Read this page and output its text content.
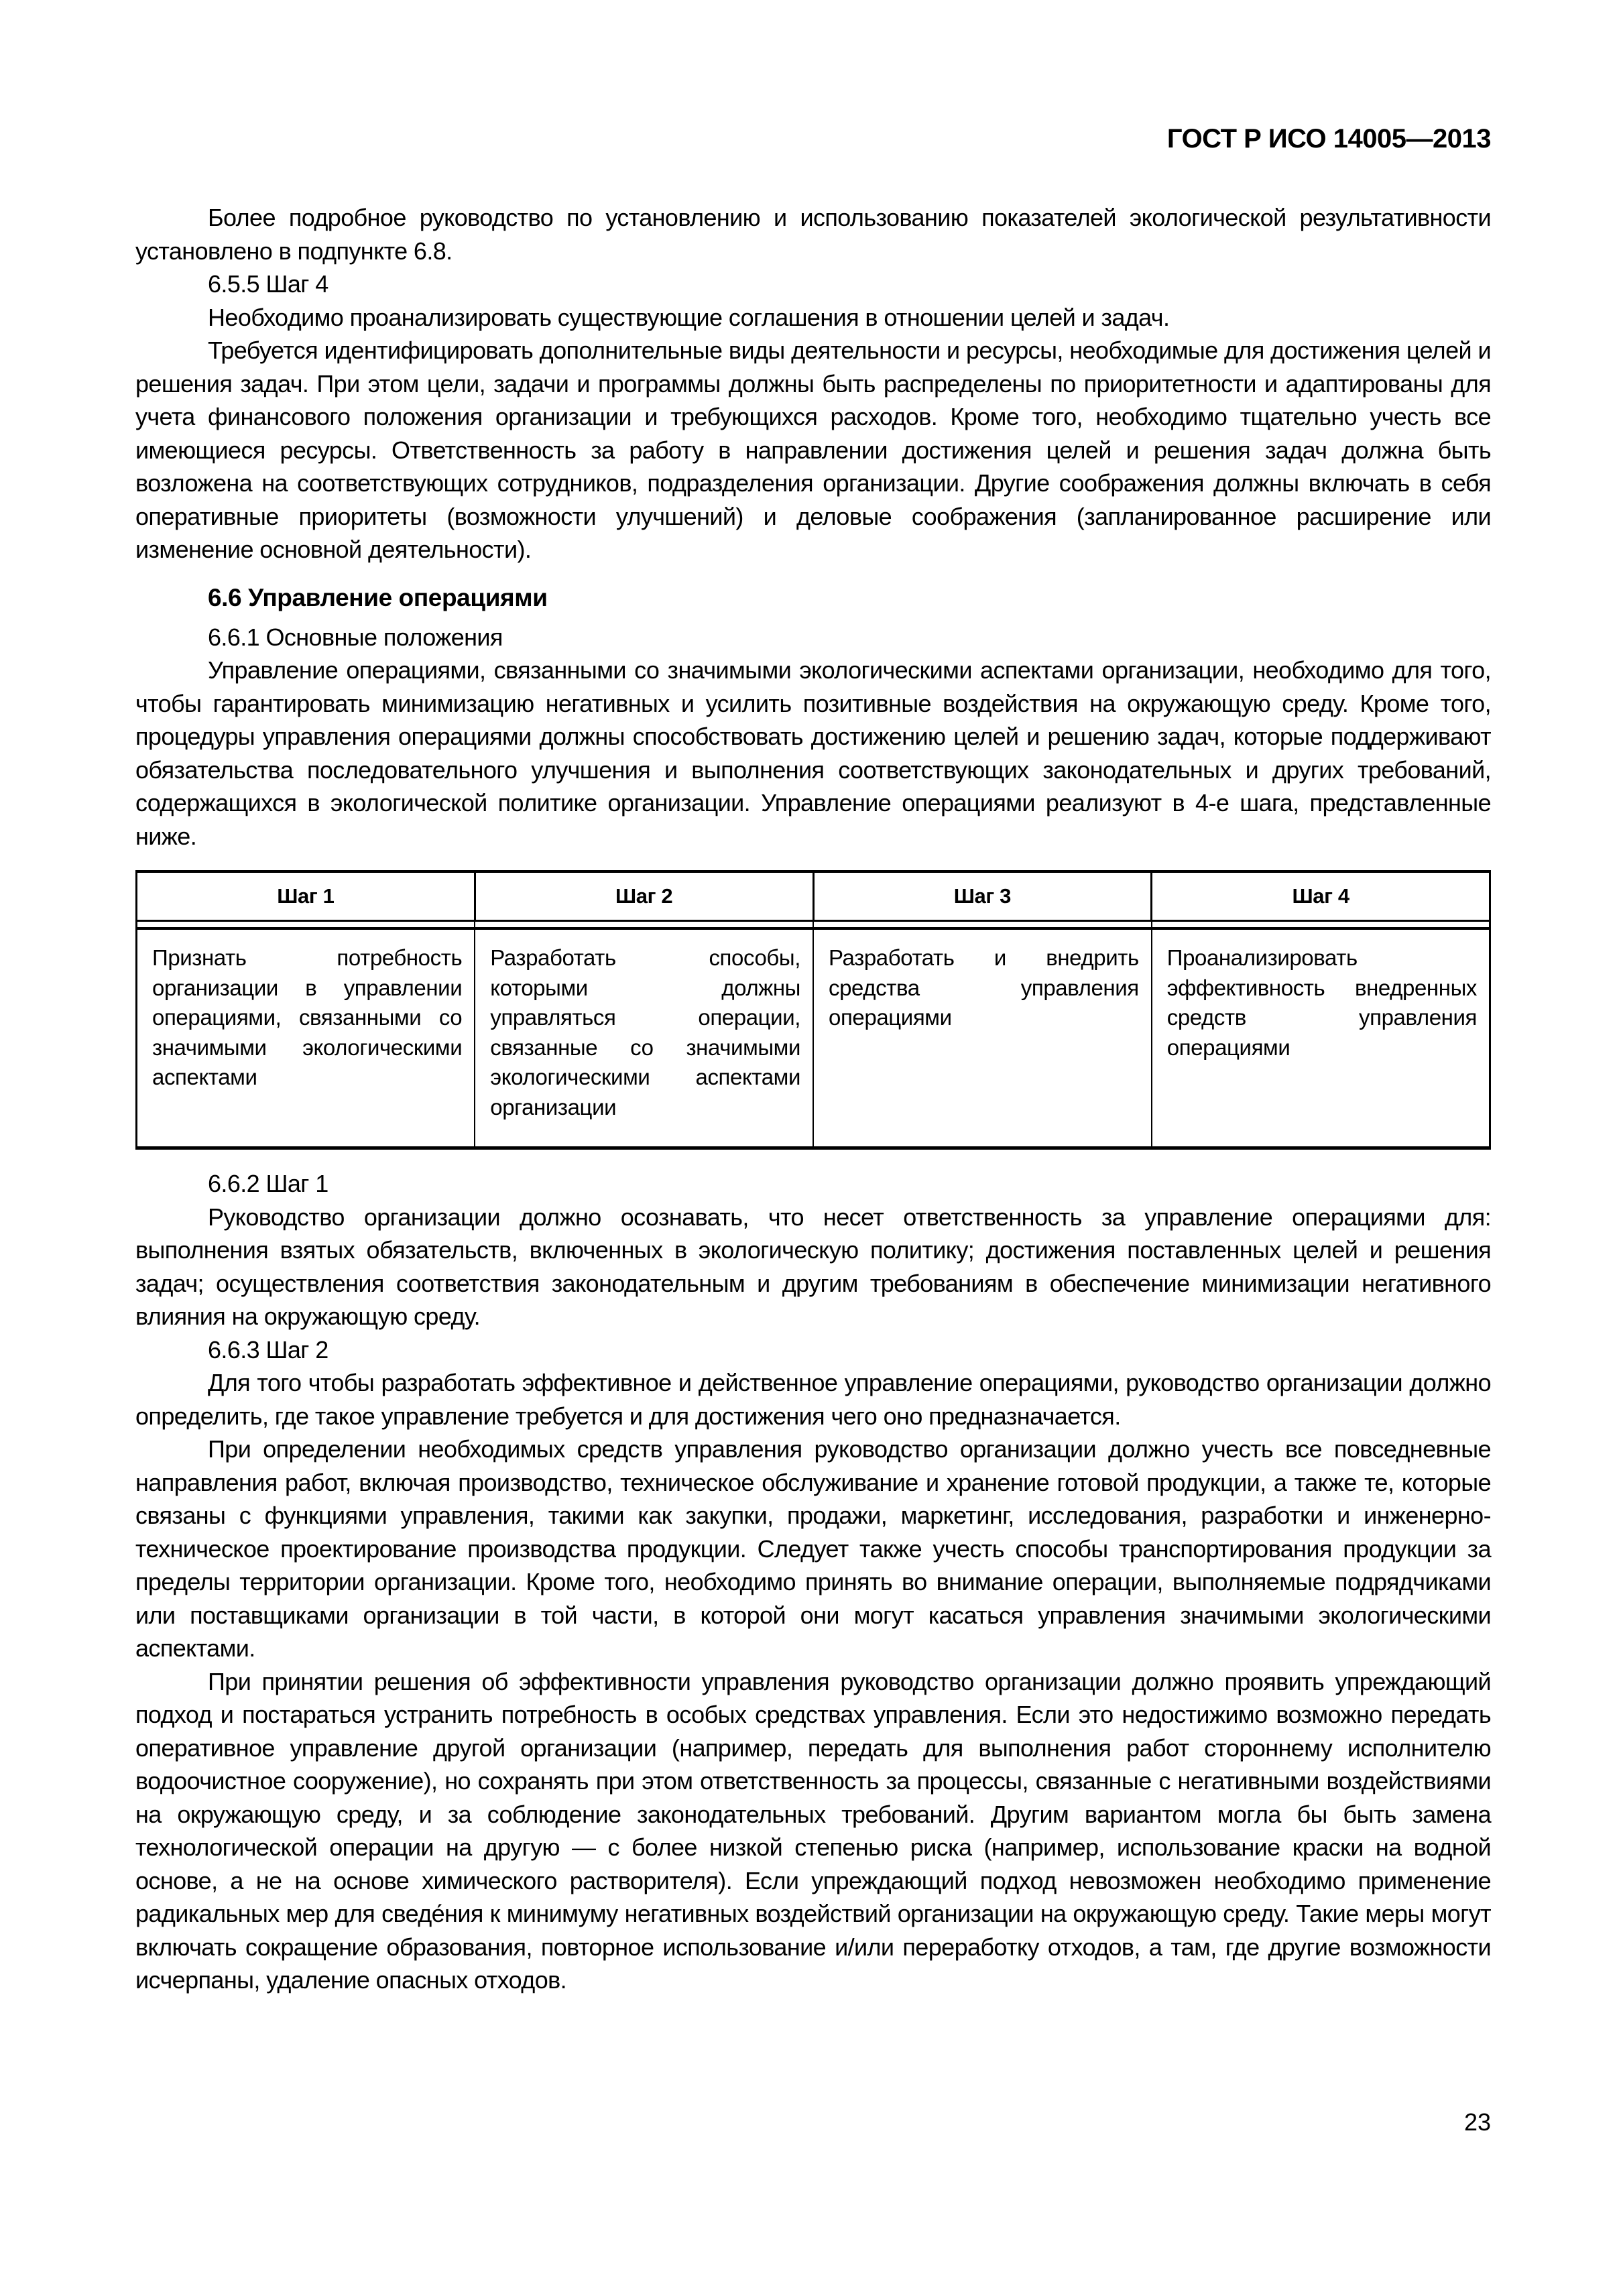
ГОСТ Р ИСО 14005—2013

Более подробное руководство по установлению и использованию показателей экологической результативности установлено в подпункте 6.8.

6.5.5 Шаг 4

Необходимо проанализировать существующие соглашения в отношении целей и задач.

Требуется идентифицировать дополнительные виды деятельности и ресурсы, необходимые для достижения целей и решения задач. При этом цели, задачи и программы должны быть распределены по приоритетности и адаптированы для учета финансового положения организации и требующихся расходов. Кроме того, необходимо тщательно учесть все имеющиеся ресурсы. Ответственность за работу в направлении достижения целей и решения задач должна быть возложена на соответствующих сотрудников, подразделения организации. Другие соображения должны включать в себя оперативные приоритеты (возможности улучшений) и деловые соображения (запланированное расширение или изменение основной деятельности).

6.6 Управление операциями

6.6.1 Основные положения

Управление операциями, связанными со значимыми экологическими аспектами организации, необходимо для того, чтобы гарантировать минимизацию негативных и усилить позитивные воздействия на окружающую среду. Кроме того, процедуры управления операциями должны способствовать достижению целей и решению задач, которые поддерживают обязательства последовательного улучшения и выполнения соответствующих законодательных и других требований, содержащихся в экологической политике организации. Управление операциями реализуют в 4-е шага, представленные ниже.

Шаг 1	Шаг 2	Шаг 3	Шаг 4

Признать потребность организации в управлении операциями, связанными со значимыми экологическими аспектами	Разработать способы, которыми должны управляться операции, связанные со значимыми экологическими аспектами организации	Разработать и внедрить средства управления операциями	Проанализировать эффективность внедренных средств управления операциями

6.6.2 Шаг 1

Руководство организации должно осознавать, что несет ответственность за управление операциями для: выполнения взятых обязательств, включенных в экологическую политику; достижения поставленных целей и решения задач; осуществления соответствия законодательным и другим требованиям в обеспечение минимизации негативного влияния на окружающую среду.

6.6.3 Шаг 2

Для того чтобы разработать эффективное и действенное управление операциями, руководство организации должно определить, где такое управление требуется и для достижения чего оно предназначается.

При определении необходимых средств управления руководство организации должно учесть все повседневные направления работ, включая производство, техническое обслуживание и хранение готовой продукции, а также те, которые связаны с функциями управления, такими как закупки, продажи, маркетинг, исследования, разработки и инженерно-техническое проектирование производства продукции. Следует также учесть способы транспортирования продукции за пределы территории организации. Кроме того, необходимо принять во внимание операции, выполняемые подрядчиками или поставщиками организации в той части, в которой они могут касаться управления значимыми экологическими аспектами.

При принятии решения об эффективности управления руководство организации должно проявить упреждающий подход и постараться устранить потребность в особых средствах управления. Если это недостижимо возможно передать оперативное управление другой организации (например, передать для выполнения работ стороннему исполнителю водоочистное сооружение), но сохранять при этом ответственность за процессы, связанные с негативными воздействиями на окружающую среду, и за соблюдение законодательных требований. Другим вариантом могла бы быть замена технологической операции на другую — с более низкой степенью риска (например, использование краски на водной основе, а не на основе химического растворителя). Если упреждающий подход невозможен необходимо применение радикальных мер для сведе́ния к минимуму негативных воздействий организации на окружающую среду. Такие меры могут включать сокращение образования, повторное использование и/или переработку отходов, а там, где другие возможности исчерпаны, удаление опасных отходов.

23
